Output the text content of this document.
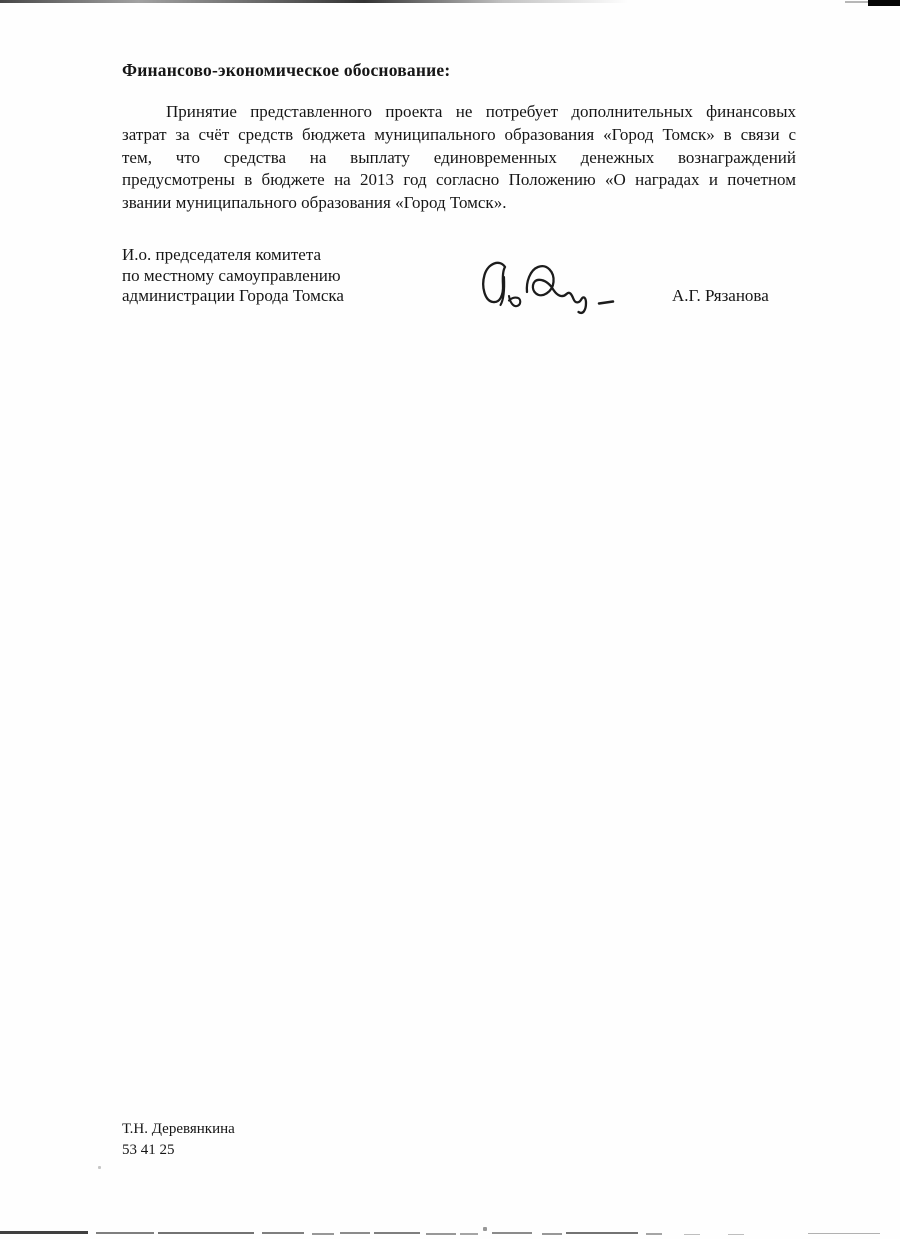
Финансово-экономическое обоснование:
Принятие представленного проекта не потребует дополнительных финансовых
затрат за счёт средств бюджета муниципального образования «Город Томск» в связи с
тем, что средства на выплату единовременных денежных вознаграждений
предусмотрены в бюджете на 2013 год согласно Положению «О наградах и почетном
звании муниципального образования «Город Томск».
И.о. председателя комитета
по местному самоуправлению
администрации Города Томска	А.Г. Рязанова
Т.Н. Деревянкина
53 41 25
